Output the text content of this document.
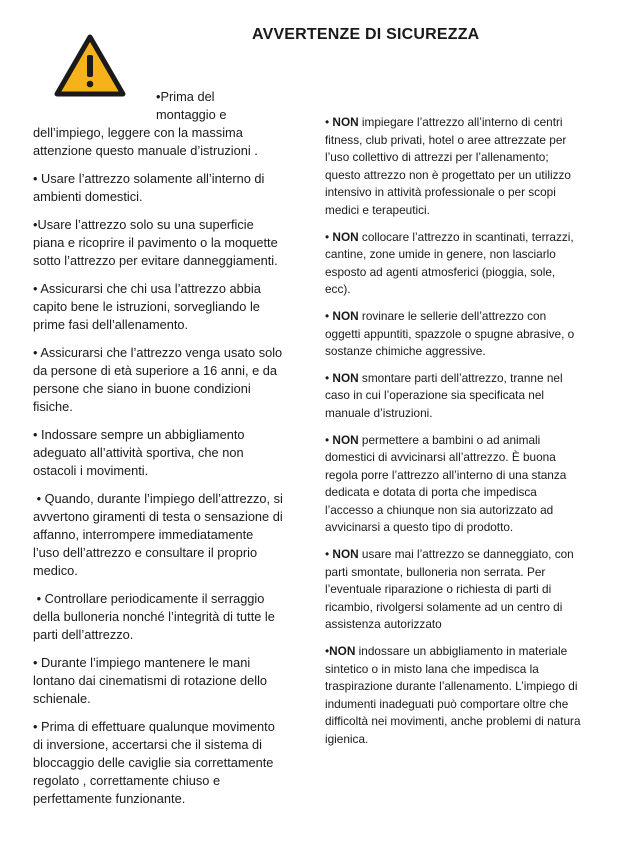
AVVERTENZE DI SICUREZZA

•Prima del
montaggio e
dell’impiego, leggere con la massima attenzione questo manuale d’istruzioni .

• Usare l’attrezzo solamente all’interno di ambienti domestici.

•Usare l’attrezzo solo su una superficie piana e ricoprire il pavimento o la moquette sotto l’attrezzo per evitare danneggiamenti.

• Assicurarsi che chi usa l’attrezzo abbia capito bene le istruzioni, sorvegliando le prime fasi dell’allenamento.

• Assicurarsi che l’attrezzo venga usato solo da persone di età superiore a 16 anni, e da persone che siano in buone condizioni fisiche.

• Indossare sempre un abbigliamento adeguato all’attività sportiva, che non ostacoli i movimenti.

• Quando, durante l’impiego dell’attrezzo, si avvertono giramenti di testa o sensazione di affanno, interrompere immediatamente l’uso dell’attrezzo e consultare il proprio medico.

• Controllare periodicamente il serraggio della bulloneria nonché l’integrità di tutte le parti dell’attrezzo.

• Durante l’impiego mantenere le mani lontano dai cinematismi di rotazione dello schienale.

• Prima di effettuare qualunque movimento di inversione, accertarsi che il sistema di bloccaggio delle caviglie sia correttamente regolato , correttamente chiuso e perfettamente funzionante.

• NON impiegare l’attrezzo all’interno di centri fitness, club privati, hotel o aree attrezzate per l’uso collettivo di attrezzi per l’allenamento; questo attrezzo non è progettato per un utilizzo intensivo in attività professionale o per scopi medici e terapeutici.

• NON collocare l’attrezzo in scantinati, terrazzi, cantine, zone umide in genere, non lasciarlo esposto ad agenti atmosferici (pioggia, sole, ecc).

• NON rovinare le sellerie dell’attrezzo con oggetti appuntiti, spazzole o spugne abrasive, o sostanze chimiche aggressive.

• NON smontare parti dell’attrezzo, tranne nel caso in cui l’operazione sia specificata nel manuale d’istruzioni.

• NON permettere a bambini o ad animali domestici di avvicinarsi all’attrezzo. È buona regola porre l’attrezzo all’interno di una stanza dedicata e dotata di porta che impedisca l’accesso a chiunque non sia autorizzato ad avvicinarsi a questo tipo di prodotto.

• NON usare mai l’attrezzo se danneggiato, con parti smontate, bulloneria non serrata. Per l’eventuale riparazione o richiesta di parti di ricambio, rivolgersi solamente ad un centro di assistenza autorizzato

•NON indossare un abbigliamento in materiale sintetico o in misto lana che impedisca la traspirazione durante l’allenamento. L’impiego di indumenti inadeguati può comportare oltre che difficoltà nei movimenti, anche problemi di natura igienica.
